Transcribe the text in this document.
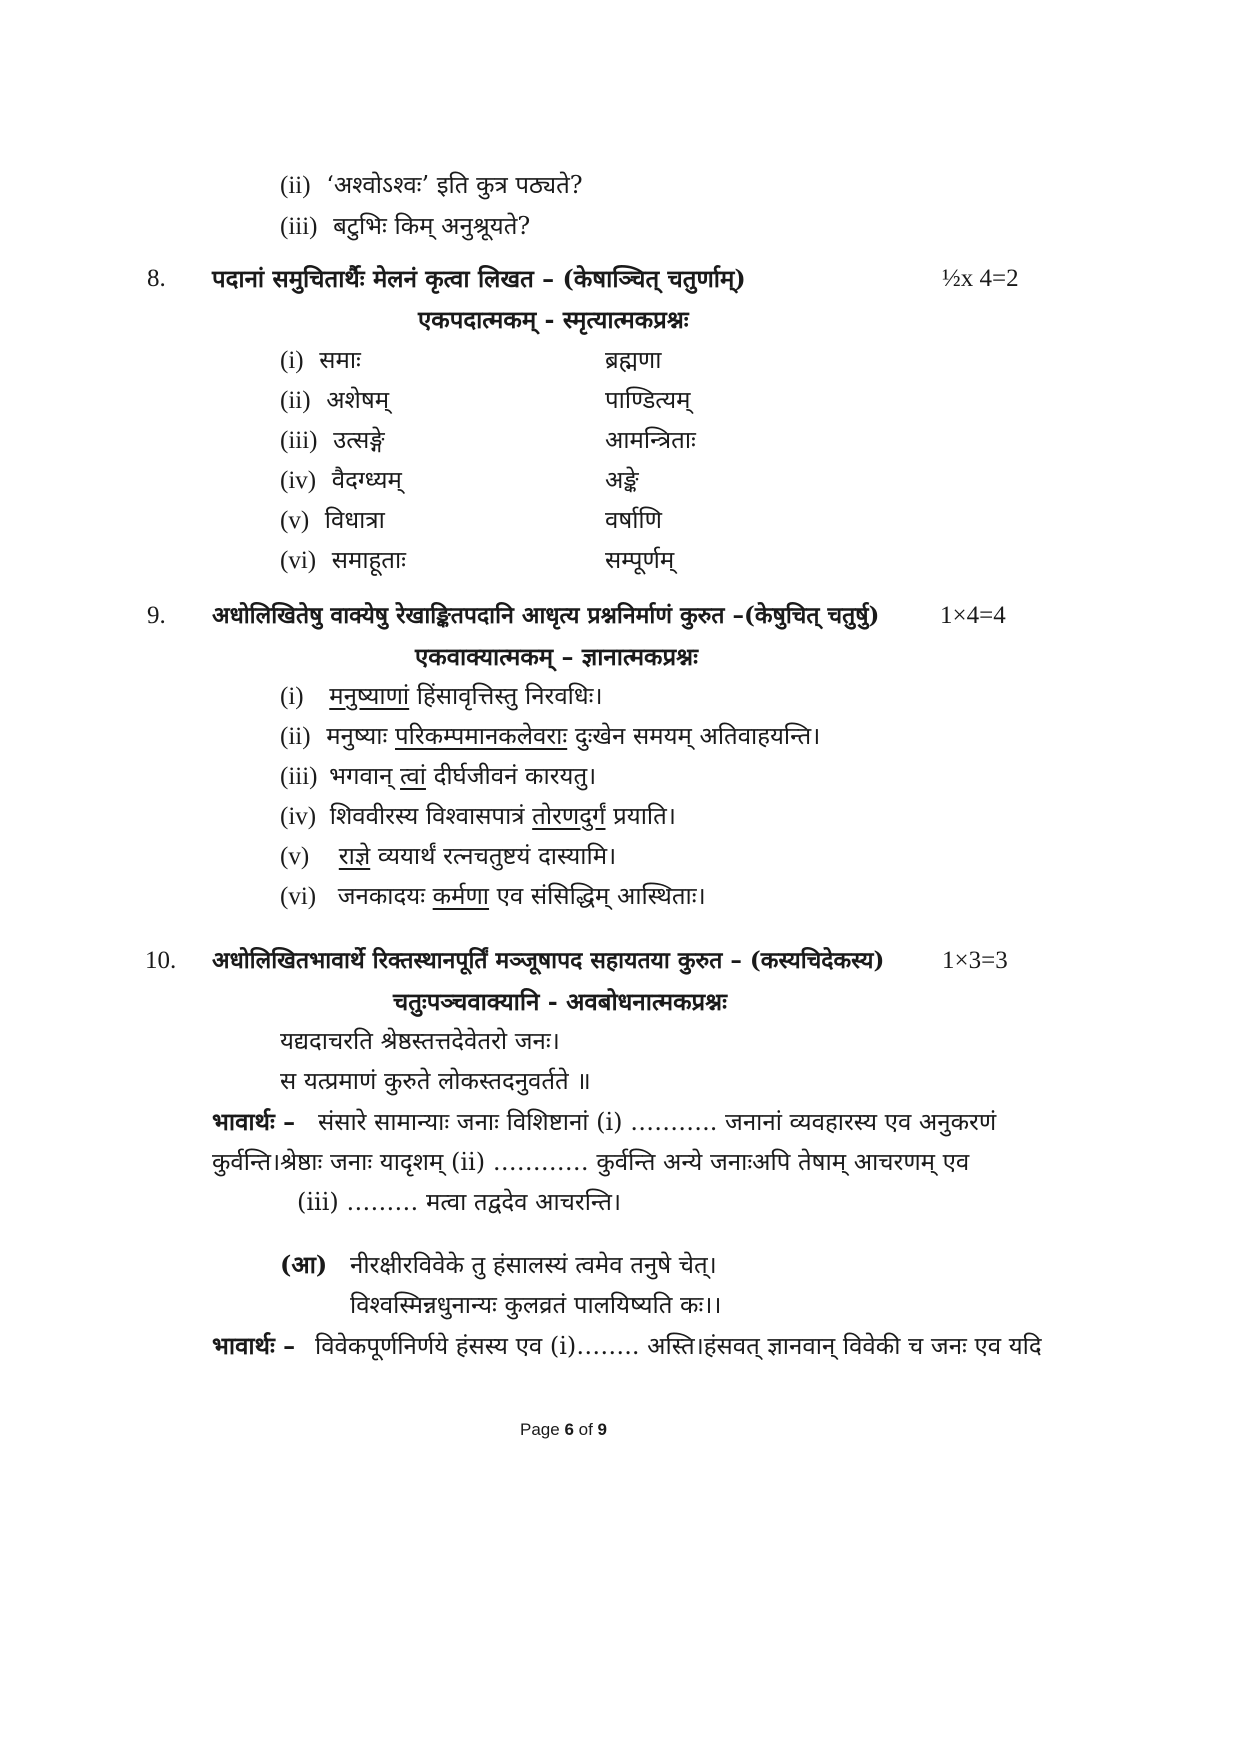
(ii) ‘अश्वोऽश्वः’ इति कुत्र पठ्यते?
(iii) बटुभिः किम् अनुश्रूयते?
8. पदानां समुचितार्थैः मेलनं कृत्वा लिखत – (केषाञ्चित् चतुर्णाम्)	½x 4=2
एकपदात्मकम् - स्मृत्यात्मकप्रश्नः
(i) समाः	ब्रह्मणा
(ii) अशेषम्	पाण्डित्यम्
(iii) उत्सङ्गे	आमन्त्रिताः
(iv) वैदग्ध्यम्	अङ्के
(v) विधात्रा	वर्षाणि
(vi) समाहूताः	सम्पूर्णम्
9. अधोलिखितेषु वाक्येषु रेखाङ्कितपदानि आधृत्य प्रश्ननिर्माणं कुरुत –(केषुचित् चतुर्षु) 1×4=4
एकवाक्यात्मकम् – ज्ञानात्मकप्रश्नः
(i) मनुष्याणां हिंसावृत्तिस्तु निरवधिः।
(ii) मनुष्याः परिकम्पमानकलेवराः दुःखेन समयम् अतिवाहयन्ति।
(iii) भगवान् त्वां दीर्घजीवनं कारयतु।
(iv) शिववीरस्य विश्वासपात्रं तोरणदुर्गं प्रयाति।
(v) राज्ञे व्ययार्थं रत्नचतुष्टयं दास्यामि।
(vi) जनकादयः कर्मणा एव संसिद्धिम् आस्थिताः।
10. अधोलिखितभावार्थे रिक्तस्थानपूर्तिं मञ्जूषापद सहायतया कुरुत – (कस्यचिदेकस्य) 1×3=3
चतुःपञ्चवाक्यानि - अवबोधनात्मकप्रश्नः
यद्यदाचरति श्रेष्ठस्तत्तदेवेतरो जनः।
स यत्प्रमाणं कुरुते लोकस्तदनुवर्तते ॥
भावार्थः – संसारे सामान्याः जनाः विशिष्टानां (i) ……….. जनानां व्यवहारस्य एव अनुकरणं
कुर्वन्ति।श्रेष्ठाः जनाः यादृशम् (ii) ………… कुर्वन्ति अन्ये जनाःअपि तेषाम् आचरणम् एव
(iii) ……… मत्वा तद्वदेव आचरन्ति।
(आ) नीरक्षीरविवेके तु हंसालस्यं त्वमेव तनुषे चेत्।
विश्वस्मिन्नधुनान्यः कुलव्रतं पालयिष्यति कः।।
भावार्थः – विवेकपूर्णनिर्णये हंसस्य एव (i)…….. अस्ति।हंसवत् ज्ञानवान् विवेकी च जनः एव यदि
Page 6 of 9
